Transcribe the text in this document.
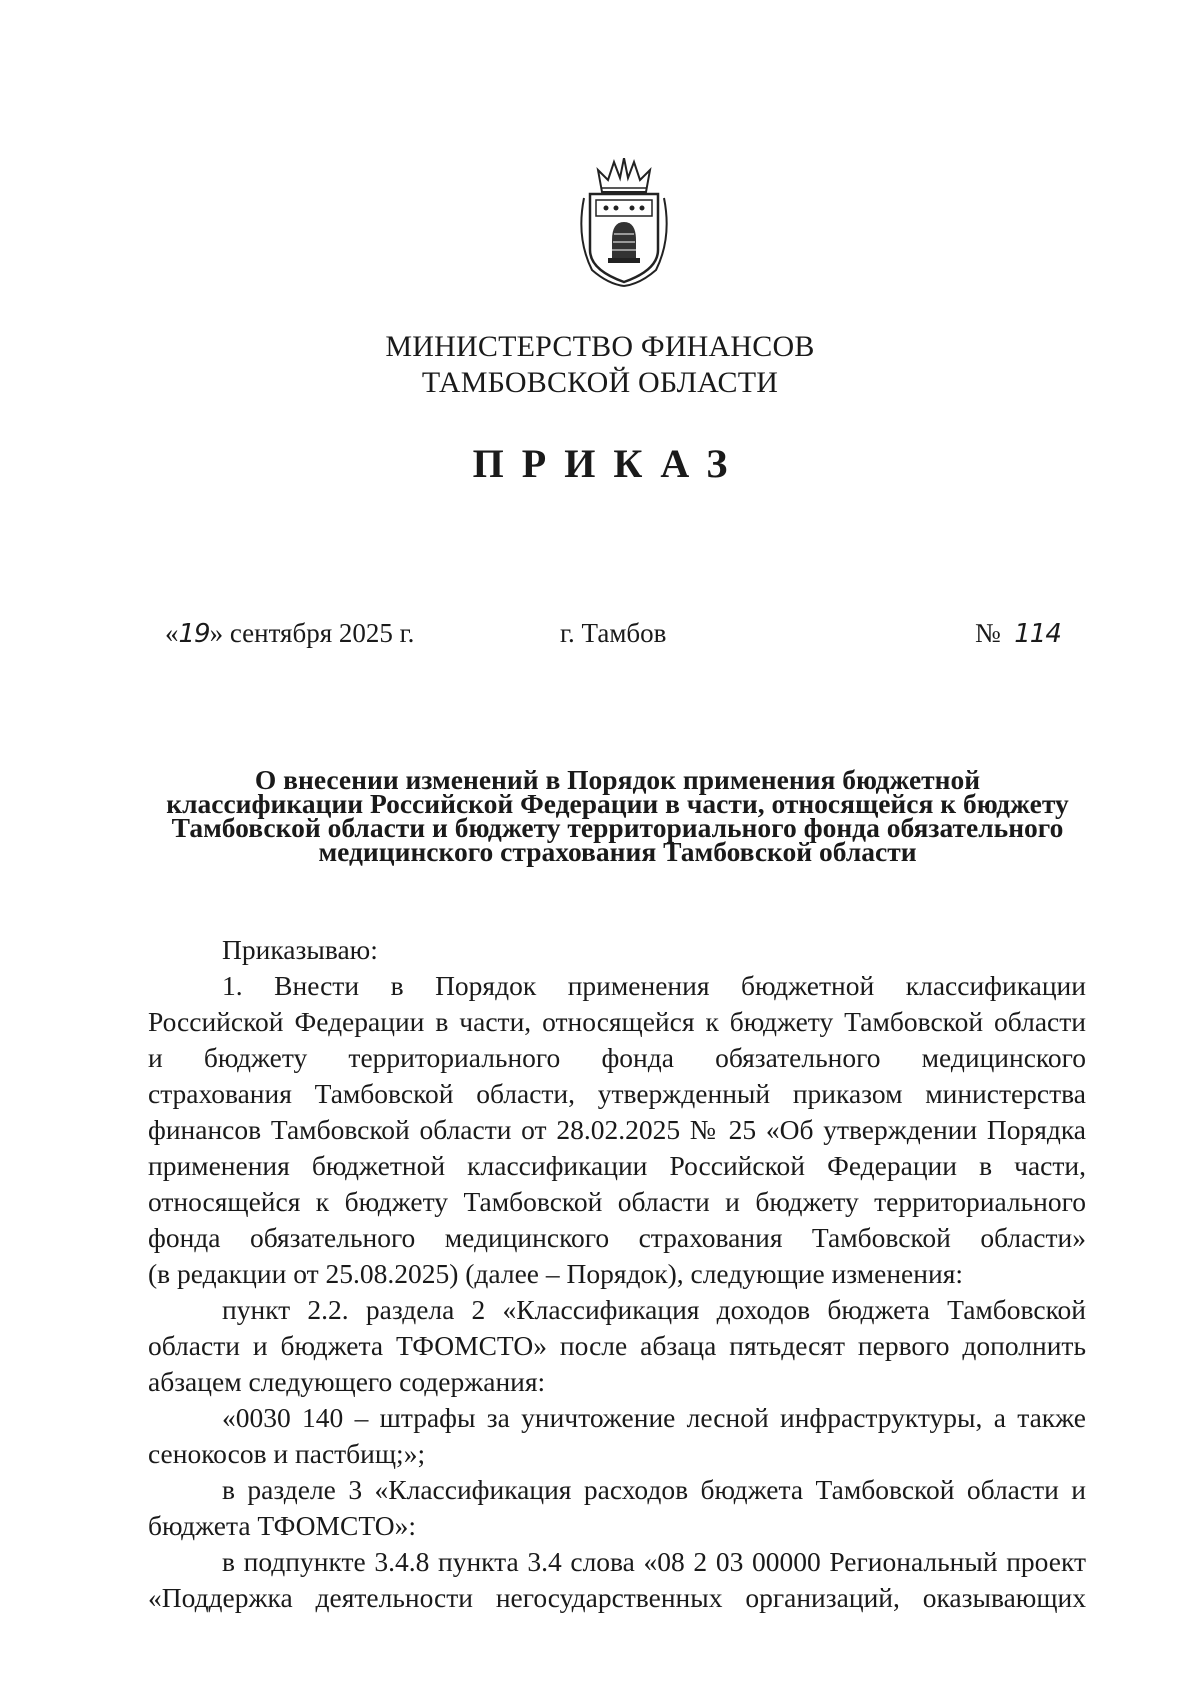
МИНИСТЕРСТВО ФИНАНСОВ
ТАМБОВСКОЙ ОБЛАСТИ
ПРИКАЗ
«19» сентября 2025 г.	г. Тамбов	№ 114
О внесении изменений в Порядок применения бюджетной
классификации Российской Федерации в части, относящейся к бюджету
Тамбовской области и бюджету территориального фонда обязательного
медицинского страхования Тамбовской области
Приказываю:
1. Внести в Порядок применения бюджетной классификации
Российской Федерации в части, относящейся к бюджету Тамбовской области
и бюджету территориального фонда обязательного медицинского
страхования Тамбовской области, утвержденный приказом министерства
финансов Тамбовской области от 28.02.2025 № 25 «Об утверждении Порядка
применения бюджетной классификации Российской Федерации в части,
относящейся к бюджету Тамбовской области и бюджету территориального
фонда обязательного медицинского страхования Тамбовской области»
(в редакции от 25.08.2025) (далее – Порядок), следующие изменения:
пункт 2.2. раздела 2 «Классификация доходов бюджета Тамбовской
области и бюджета ТФОМСТО» после абзаца пятьдесят первого дополнить
абзацем следующего содержания:
«0030 140 – штрафы за уничтожение лесной инфраструктуры, а также
сенокосов и пастбищ;»;
в разделе 3 «Классификация расходов бюджета Тамбовской области и
бюджета ТФОМСТО»:
в подпункте 3.4.8 пункта 3.4 слова «08 2 03 00000 Региональный проект
«Поддержка деятельности негосударственных организаций, оказывающих
